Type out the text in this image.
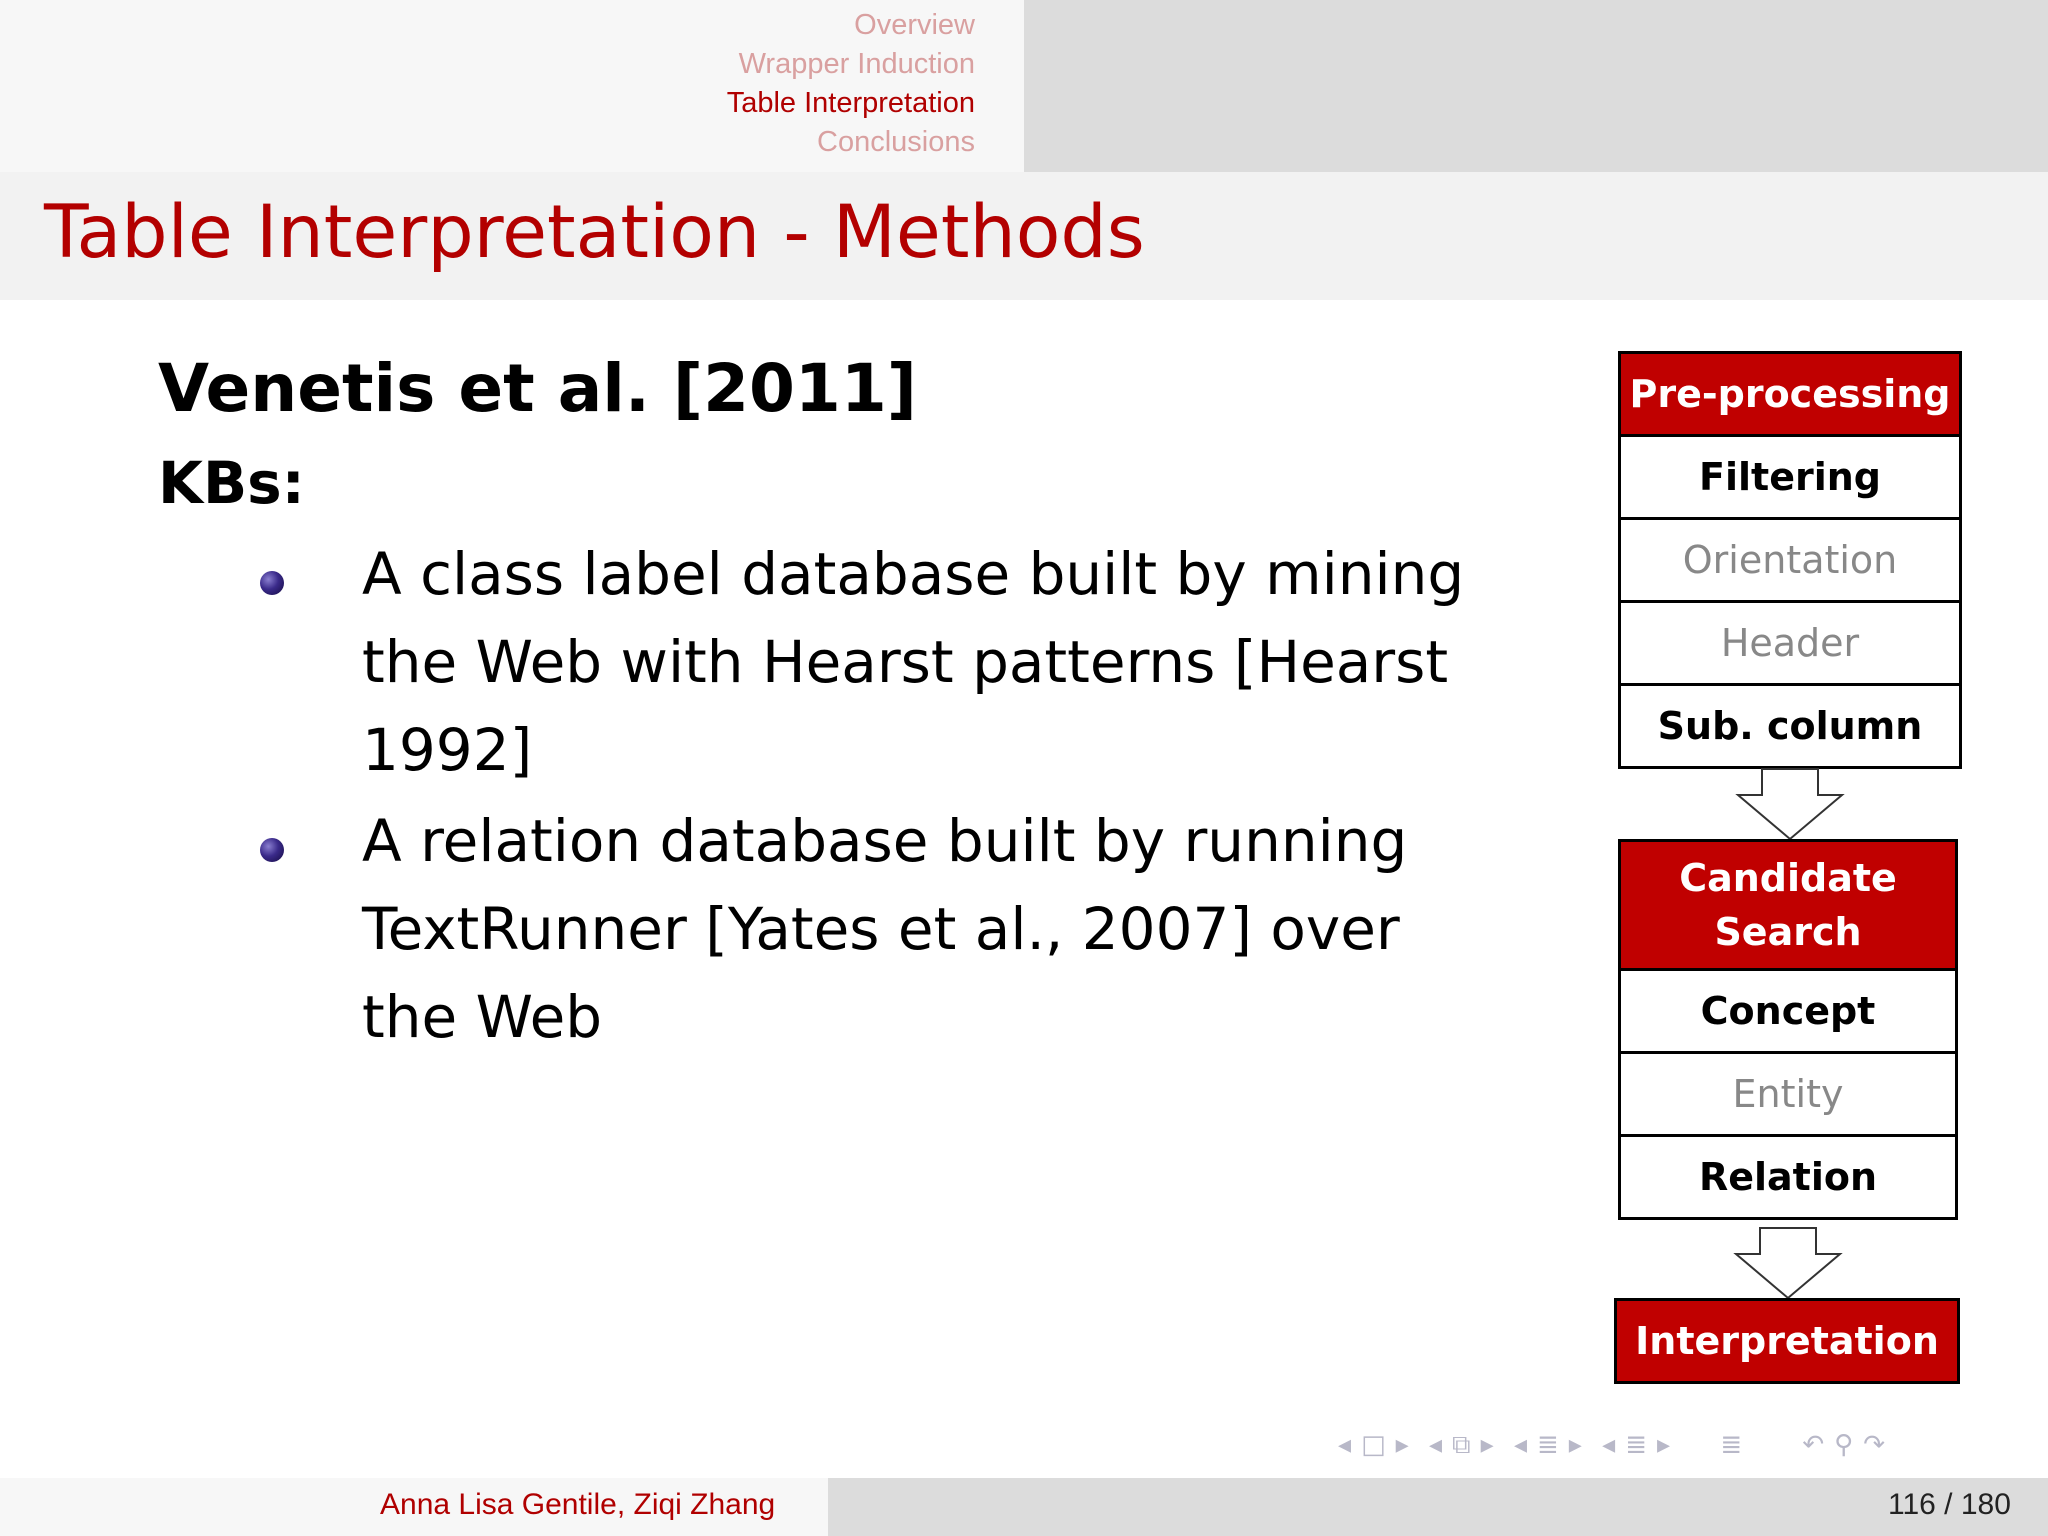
Overview
Wrapper Induction
Table Interpretation
Conclusions
Table Interpretation - Methods
Venetis et al. [2011]
KBs:
A class label database built by mining the Web with Hearst patterns [Hearst 1992]
A relation database built by running TextRunner [Yates et al., 2007] over the Web
Pre-processing
Filtering
Orientation
Header
Sub. column
Candidate Search
Concept
Entity
Relation
Interpretation
◂ □ ▸ ◂ ⧉ ▸ ◂ ≣ ▸ ◂ ≣ ▸ ≣ ↶ ⚲ ↷
Anna Lisa Gentile, Ziqi Zhang	116 / 180
